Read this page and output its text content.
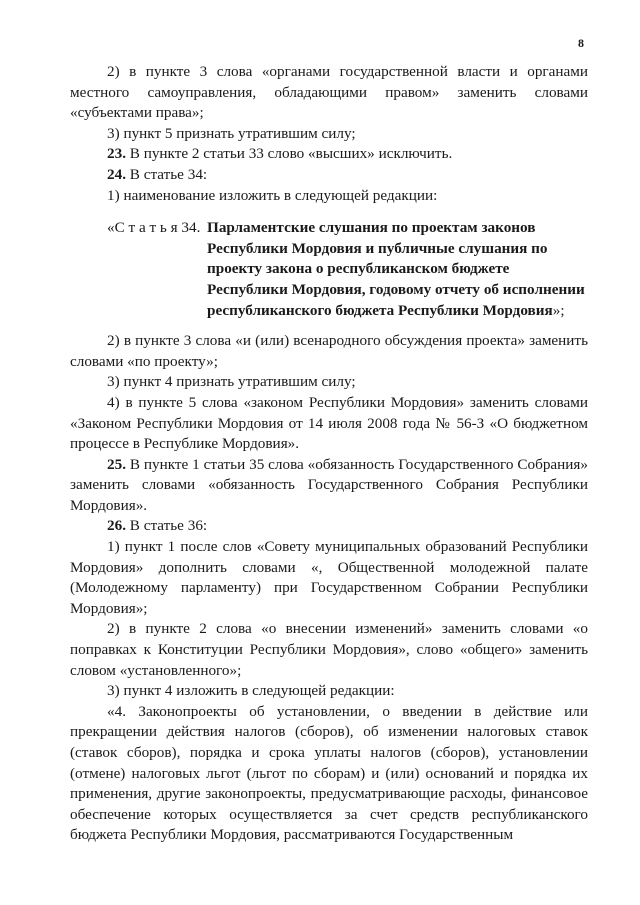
8

2) в пункте 3 слова «органами государственной власти и органами местного самоуправления, обладающими правом» заменить словами «субъектами права»;

3) пункт 5 признать утратившим силу;

23. В пункте 2 статьи 33 слово «высших» исключить.

24. В статье 34:

1) наименование изложить в следующей редакции:

«С т а т ь я 34. Парламентские слушания по проектам законов Республики Мордовия и публичные слушания по проекту закона о республиканском бюджете Республики Мордовия, годовому отчету об исполнении республиканского бюджета Республики Мордовия»;

2) в пункте 3 слова «и (или) всенародного обсуждения проекта» заменить словами «по проекту»;

3) пункт 4 признать утратившим силу;

4) в пункте 5 слова «законом Республики Мордовия» заменить словами «Законом Республики Мордовия от 14 июля 2008 года № 56-З «О бюджетном процессе в Республике Мордовия».

25. В пункте 1 статьи 35 слова «обязанность Государственного Собрания» заменить словами «обязанность Государственного Собрания Республики Мордовия».

26. В статье 36:

1) пункт 1 после слов «Совету муниципальных образований Республики Мордовия» дополнить словами «, Общественной молодежной палате (Молодежному парламенту) при Государственном Собрании Республики Мордовия»;

2) в пункте 2 слова «о внесении изменений» заменить словами «о поправках к Конституции Республики Мордовия», слово «общего» заменить словом «установленного»;

3) пункт 4 изложить в следующей редакции:

«4. Законопроекты об установлении, о введении в действие или прекращении действия налогов (сборов), об изменении налоговых ставок (ставок сборов), порядка и срока уплаты налогов (сборов), установлении (отмене) налоговых льгот (льгот по сборам) и (или) оснований и порядка их применения, другие законопроекты, предусматривающие расходы, финансовое обеспечение которых осуществляется за счет средств республиканского бюджета Республики Мордовия, рассматриваются Государственным
